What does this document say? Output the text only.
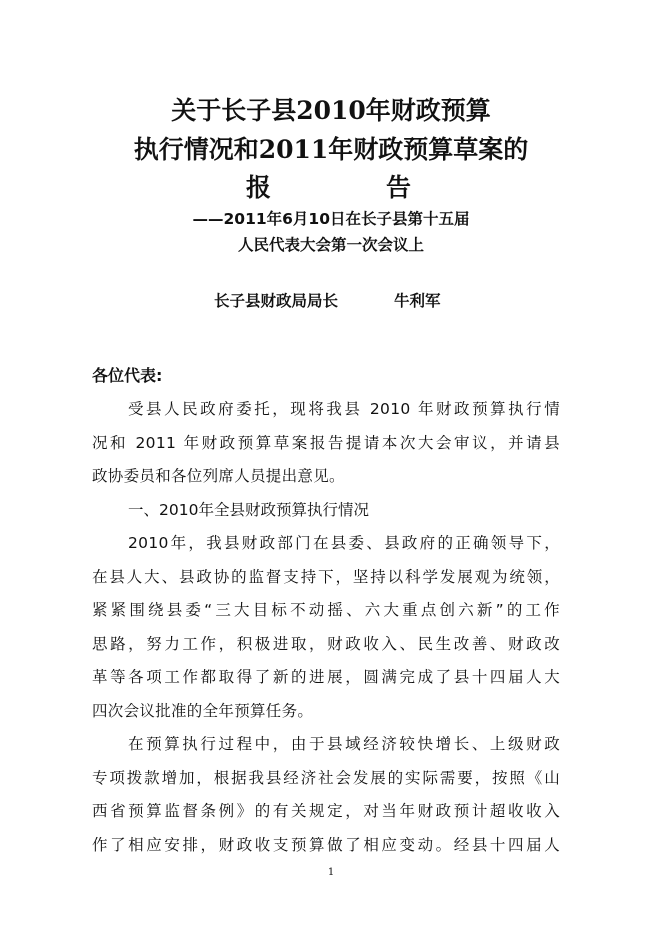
关于长子县2010年财政预算
执行情况和2011年财政预算草案的
报	告
——2011年6月10日在长子县第十五届
人民代表大会第一次会议上
长子县财政局局长	牛利军
各位代表:
受县人民政府委托，现将我县 2010 年财政预算执行情
况和 2011 年财政预算草案报告提请本次大会审议，并请县
政协委员和各位列席人员提出意见。
一、2010年全县财政预算执行情况
2010年，我县财政部门在县委、县政府的正确领导下，
在县人大、县政协的监督支持下，坚持以科学发展观为统领，
紧紧围绕县委“三大目标不动摇、六大重点创六新”的工作
思路，努力工作，积极进取，财政收入、民生改善、财政改
革等各项工作都取得了新的进展，圆满完成了县十四届人大
四次会议批准的全年预算任务。
在预算执行过程中，由于县域经济较快增长、上级财政
专项拨款增加，根据我县经济社会发展的实际需要，按照《山
西省预算监督条例》的有关规定，对当年财政预计超收收入
作了相应安排，财政收支预算做了相应变动。经县十四届人
1
